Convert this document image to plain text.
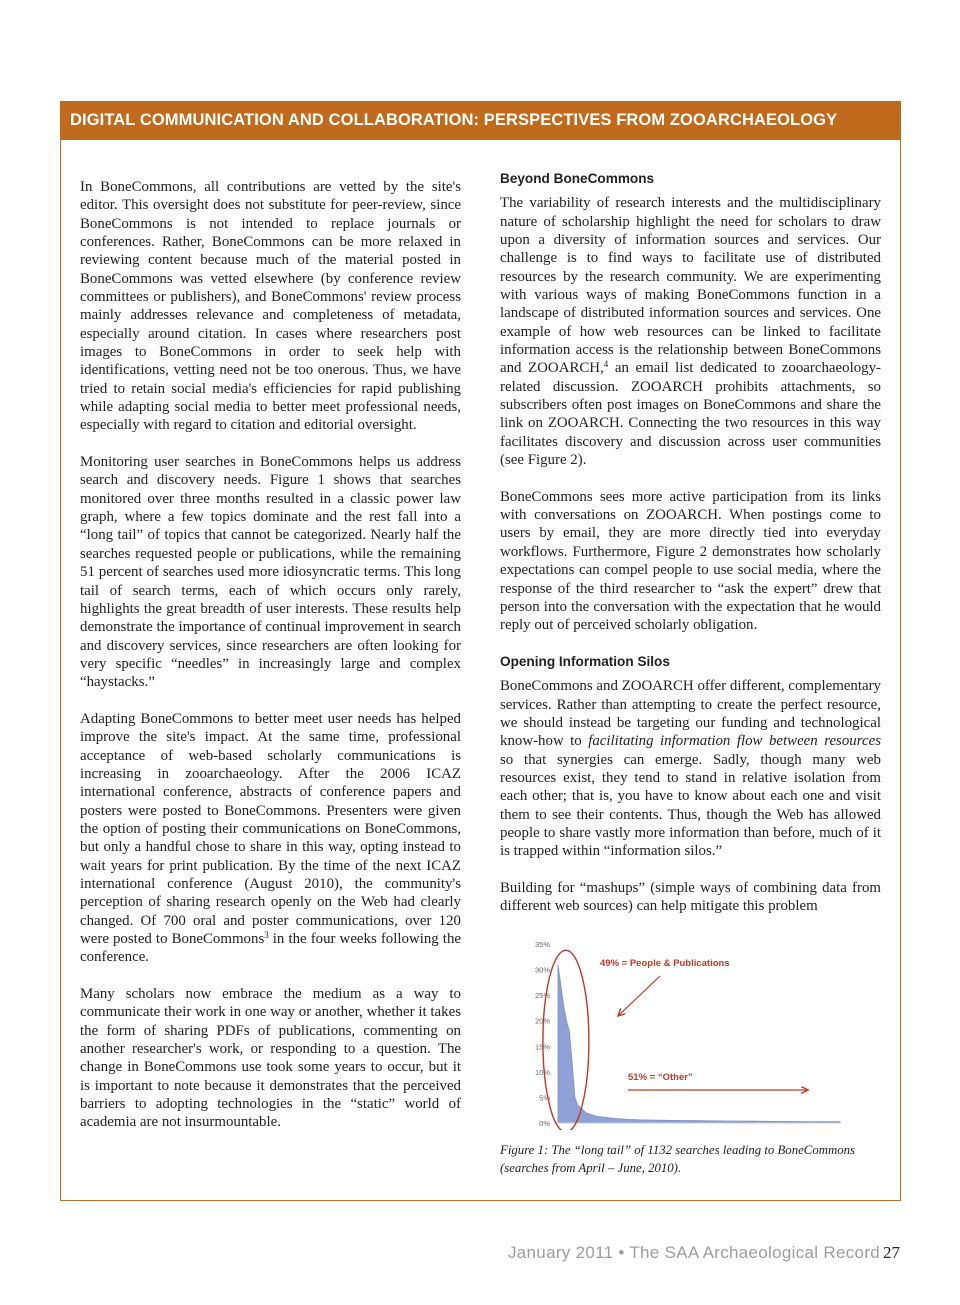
DIGITAL COMMUNICATION AND COLLABORATION: PERSPECTIVES FROM ZOOARCHAEOLOGY

In BoneCommons, all contributions are vetted by the site's editor. This oversight does not substitute for peer-review, since BoneCommons is not intended to replace journals or conferences. Rather, BoneCommons can be more relaxed in reviewing content because much of the material posted in BoneCommons was vetted elsewhere (by conference review committees or publishers), and BoneCommons' review process mainly addresses relevance and completeness of metadata, especially around citation. In cases where researchers post images to BoneCommons in order to seek help with identifications, vetting need not be too onerous. Thus, we have tried to retain social media's efficiencies for rapid publishing while adapting social media to better meet professional needs, especially with regard to citation and editorial oversight.

Monitoring user searches in BoneCommons helps us address search and discovery needs. Figure 1 shows that searches monitored over three months resulted in a classic power law graph, where a few topics dominate and the rest fall into a “long tail” of topics that cannot be categorized. Nearly half the searches requested people or publications, while the remaining 51 percent of searches used more idiosyncratic terms. This long tail of search terms, each of which occurs only rarely, highlights the great breadth of user interests. These results help demonstrate the importance of continual improvement in search and discovery services, since researchers are often looking for very specific “needles” in increasingly large and complex “haystacks.”

Adapting BoneCommons to better meet user needs has helped improve the site's impact. At the same time, professional acceptance of web-based scholarly communications is increasing in zooarchaeology. After the 2006 ICAZ international conference, abstracts of conference papers and posters were posted to BoneCommons. Presenters were given the option of posting their communications on BoneCommons, but only a handful chose to share in this way, opting instead to wait years for print publication. By the time of the next ICAZ international conference (August 2010), the community's perception of sharing research openly on the Web had clearly changed. Of 700 oral and poster communications, over 120 were posted to BoneCommons$^3$ in the four weeks following the conference.

Many scholars now embrace the medium as a way to communicate their work in one way or another, whether it takes the form of sharing PDFs of publications, commenting on another researcher's work, or responding to a question. The change in BoneCommons use took some years to occur, but it is important to note because it demonstrates that the perceived barriers to adopting technologies in the “static” world of academia are not insurmountable.

Beyond BoneCommons

The variability of research interests and the multidisciplinary nature of scholarship highlight the need for scholars to draw upon a diversity of information sources and services. Our challenge is to find ways to facilitate use of distributed resources by the research community. We are experimenting with various ways of making BoneCommons function in a landscape of distributed information sources and services. One example of how web resources can be linked to facilitate information access is the relationship between BoneCommons and ZOOARCH,$^4$ an email list dedicated to zooarchaeology-related discussion. ZOOARCH prohibits attachments, so subscribers often post images on BoneCommons and share the link on ZOOARCH. Connecting the two resources in this way facilitates discovery and discussion across user communities (see Figure 2).

BoneCommons sees more active participation from its links with conversations on ZOOARCH. When postings come to users by email, they are more directly tied into everyday workflows. Furthermore, Figure 2 demonstrates how scholarly expectations can compel people to use social media, where the response of the third researcher to “ask the expert” drew that person into the conversation with the expectation that he would reply out of perceived scholarly obligation.

Opening Information Silos

BoneCommons and ZOOARCH offer different, complementary services. Rather than attempting to create the perfect resource, we should instead be targeting our funding and technological know-how to facilitating information flow between resources so that synergies can emerge. Sadly, though many web resources exist, they tend to stand in relative isolation from each other; that is, you have to know about each one and visit them to see their contents. Thus, though the Web has allowed people to share vastly more information than before, much of it is trapped within “information silos.”

Building for “mashups” (simple ways of combining data from different web sources) can help mitigate this problem

35%
30%
25%
20%
15%
10%
5%
0%
49% = People & Publications
51% = “Other”
Figure 1: The “long tail” of 1132 searches leading to BoneCommons (searches from April – June, 2010).
January 2011 • The SAA Archaeological Record 27
